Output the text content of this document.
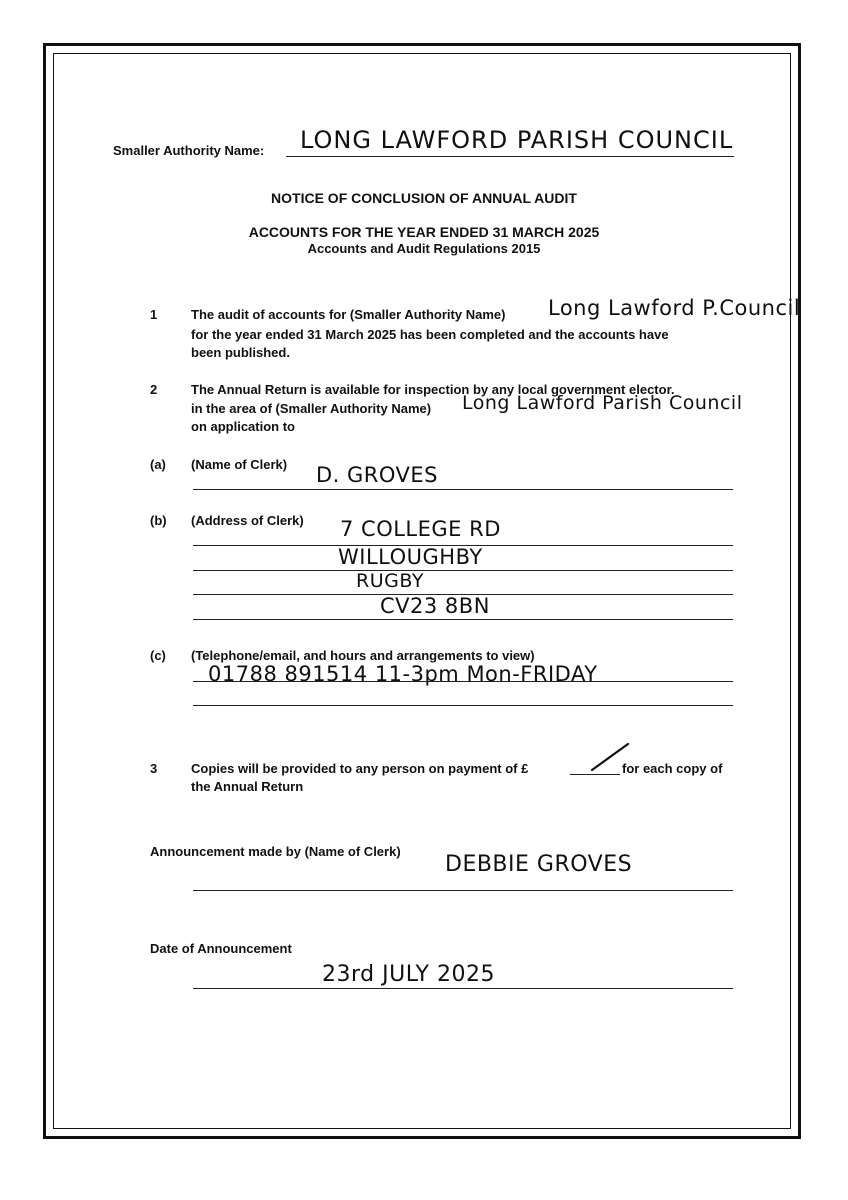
Smaller Authority Name: LONG LAWFORD PARISH COUNCIL
NOTICE OF CONCLUSION OF ANNUAL AUDIT
ACCOUNTS FOR THE YEAR ENDED 31 MARCH 2025
Accounts and Audit Regulations 2015
1	The audit of accounts for (Smaller Authority Name) Long Lawford P.Council
for the year ended 31 March 2025 has been completed and the accounts have
been published.
2	The Annual Return is available for inspection by any local government elector.
in the area of (Smaller Authority Name) Long Lawford Parish Council
on application to
(a) (Name of Clerk) D. GROVES
(b) (Address of Clerk) 7 COLLEGE RD
WILLOUGHBY
RUGBY
CV23 8BN
(c) (Telephone/email, and hours and arrangements to view)
01788 891514 11-3pm Mon-FRIDAY
3	Copies will be provided to any person on payment of £	for each copy of
the Annual Return
Announcement made by (Name of Clerk)
DEBBIE GROVES
Date of Announcement
23rd JULY 2025
